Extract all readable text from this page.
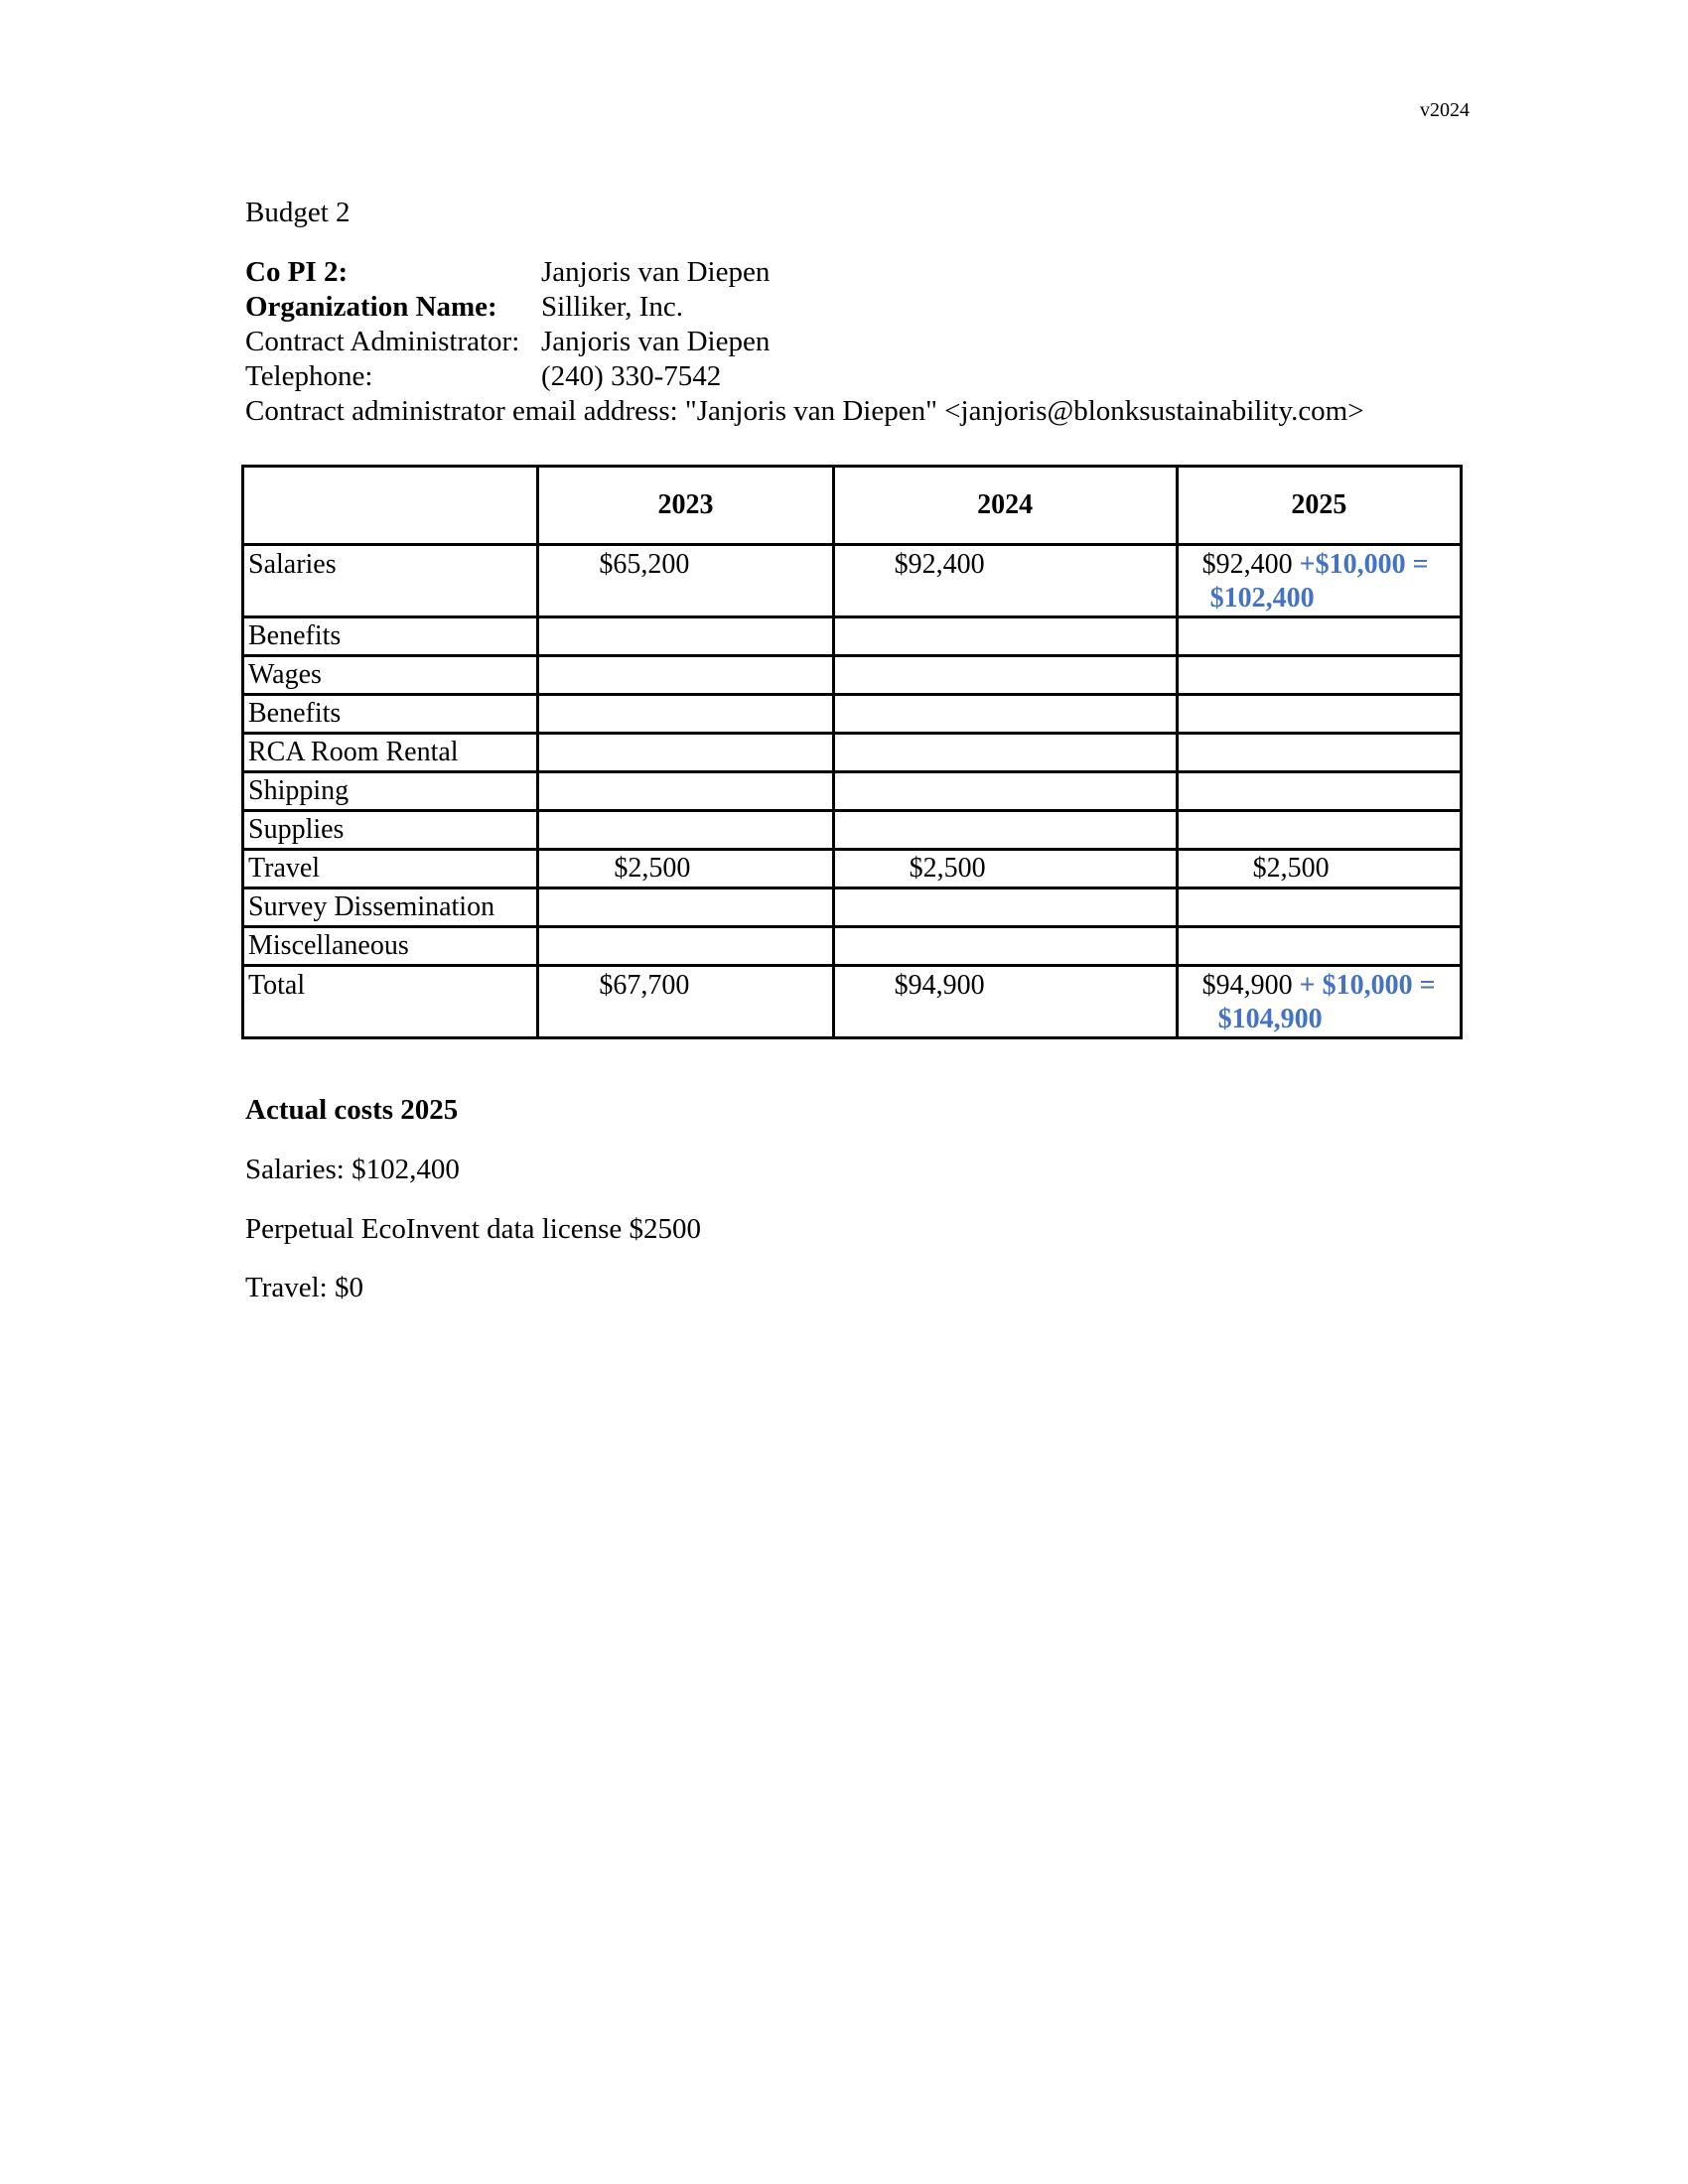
v2024
Budget 2
Co PI 2:	Janjoris van Diepen
Organization Name:	Silliker, Inc.
Contract Administrator: Janjoris van Diepen
Telephone:	(240) 330-7542
Contract administrator email address: "Janjoris van Diepen" <janjoris@blonksustainability.com>
	2023	2024	2025
Salaries	$65,200	$92,400	$92,400 +$10,000 =
$102,400
Benefits			
Wages			
Benefits			
RCA Room Rental			
Shipping			
Supplies			
Travel	$2,500	$2,500	$2,500
Survey Dissemination			
Miscellaneous			
Total	$67,700	$94,900	$94,900 + $10,000 =
$104,900
Actual costs 2025
Salaries: $102,400
Perpetual EcoInvent data license $2500
Travel: $0
